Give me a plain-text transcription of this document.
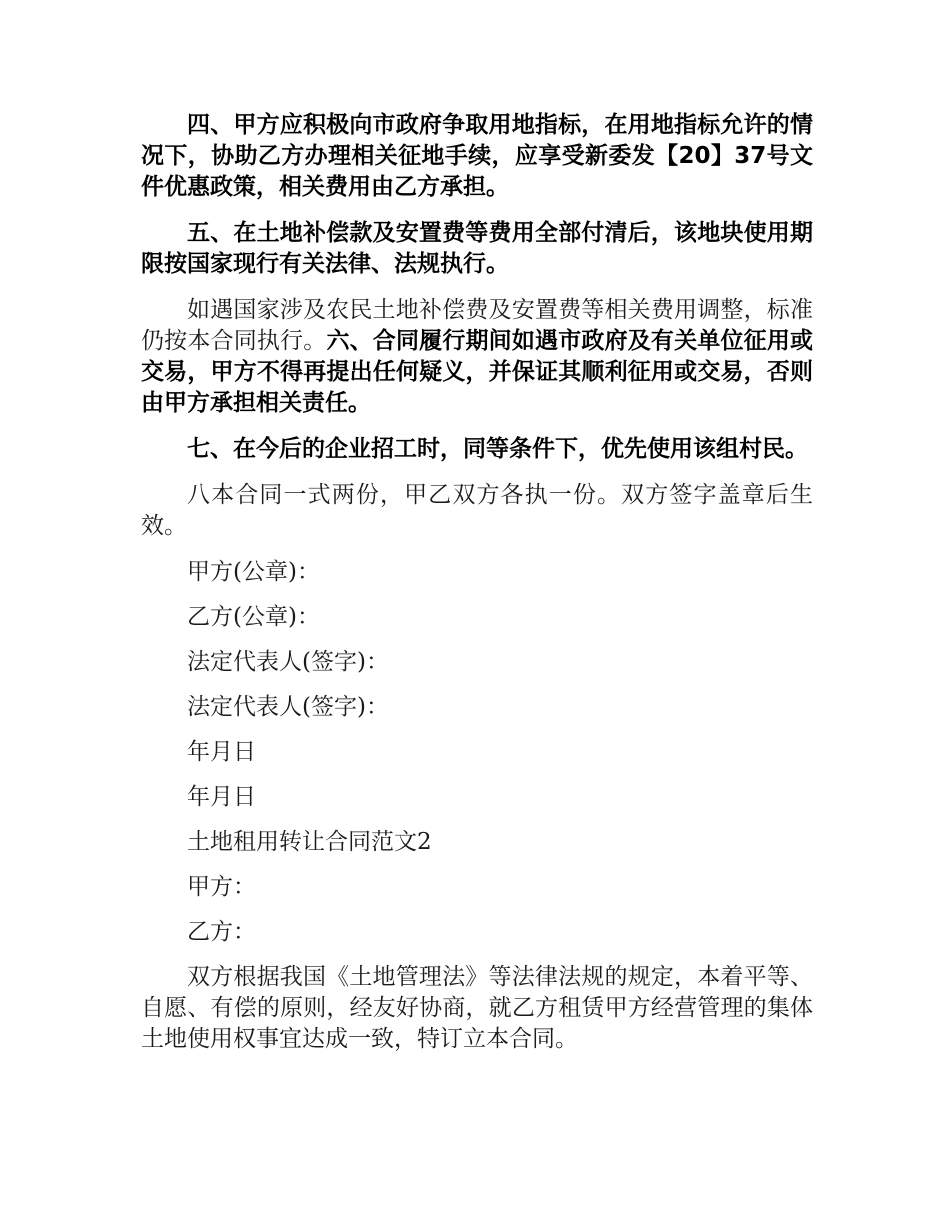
四、甲方应积极向市政府争取用地指标，在用地指标允许的情况下，协助乙方办理相关征地手续，应享受新委发【20】37号文件优惠政策，相关费用由乙方承担。

五、在土地补偿款及安置费等费用全部付清后，该地块使用期限按国家现行有关法律、法规执行。

如遇国家涉及农民土地补偿费及安置费等相关费用调整，标准仍按本合同执行。六、合同履行期间如遇市政府及有关单位征用或交易，甲方不得再提出任何疑义，并保证其顺利征用或交易，否则由甲方承担相关责任。

七、在今后的企业招工时，同等条件下，优先使用该组村民。

八本合同一式两份，甲乙双方各执一份。双方签字盖章后生效。

甲方(公章)：

乙方(公章)：

法定代表人(签字)：

法定代表人(签字)：

年月日

年月日

土地租用转让合同范文2

甲方：

乙方：

双方根据我国《土地管理法》等法律法规的规定，本着平等、自愿、有偿的原则，经友好协商，就乙方租赁甲方经营管理的集体土地使用权事宜达成一致，特订立本合同。
